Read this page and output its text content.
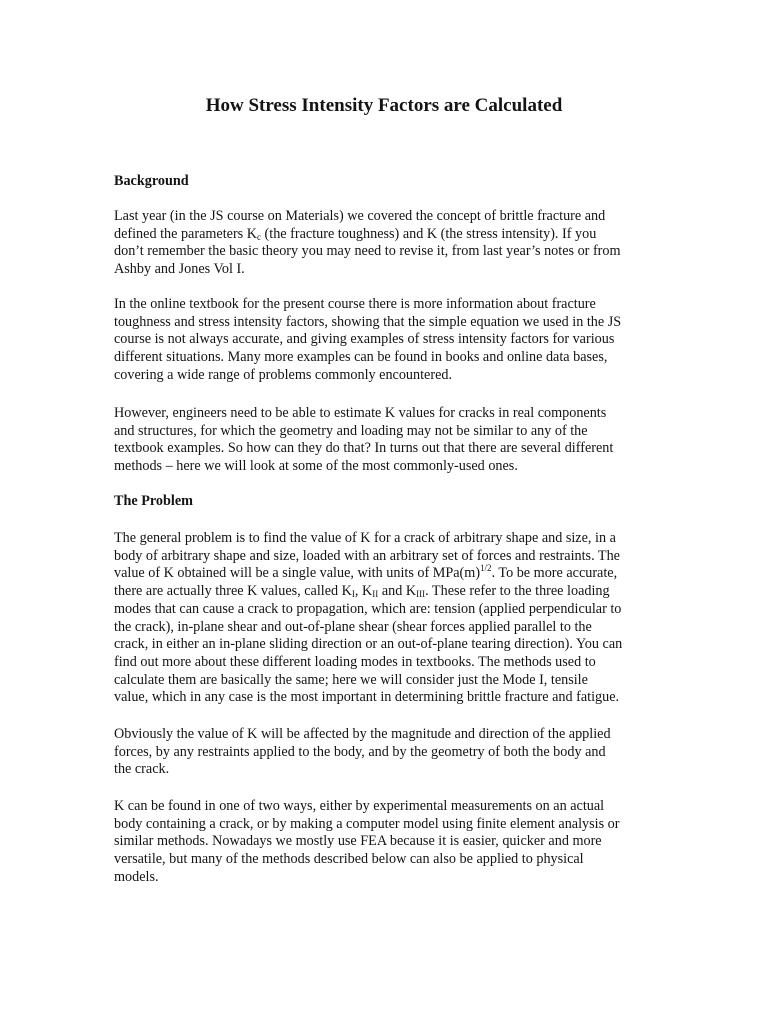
How Stress Intensity Factors are Calculated
Background

Last year (in the JS course on Materials) we covered the concept of brittle fracture and
defined the parameters $K_c$ (the fracture toughness) and K (the stress intensity). If you
don’t remember the basic theory you may need to revise it, from last year’s notes or from
Ashby and Jones Vol I.

In the online textbook for the present course there is more information about fracture
toughness and stress intensity factors, showing that the simple equation we used in the JS
course is not always accurate, and giving examples of stress intensity factors for various
different situations. Many more examples can be found in books and online data bases,
covering a wide range of problems commonly encountered.

However, engineers need to be able to estimate K values for cracks in real components
and structures, for which the geometry and loading may not be similar to any of the
textbook examples. So how can they do that? In turns out that there are several different
methods – here we will look at some of the most commonly-used ones.

The Problem

The general problem is to find the value of K for a crack of arbitrary shape and size, in a
body of arbitrary shape and size, loaded with an arbitrary set of forces and restraints. The
value of K obtained will be a single value, with units of $MPa(m)^{1/2}$. To be more accurate,
there are actually three K values, called $K_I$, $K_{II}$ and $K_{III}$. These refer to the three loading
modes that can cause a crack to propagation, which are: tension (applied perpendicular to
the crack), in-plane shear and out-of-plane shear (shear forces applied parallel to the
crack, in either an in-plane sliding direction or an out-of-plane tearing direction). You can
find out more about these different loading modes in textbooks. The methods used to
calculate them are basically the same; here we will consider just the Mode I, tensile
value, which in any case is the most important in determining brittle fracture and fatigue.

Obviously the value of K will be affected by the magnitude and direction of the applied
forces, by any restraints applied to the body, and by the geometry of both the body and
the crack.

K can be found in one of two ways, either by experimental measurements on an actual
body containing a crack, or by making a computer model using finite element analysis or
similar methods. Nowadays we mostly use FEA because it is easier, quicker and more
versatile, but many of the methods described below can also be applied to physical
models.
